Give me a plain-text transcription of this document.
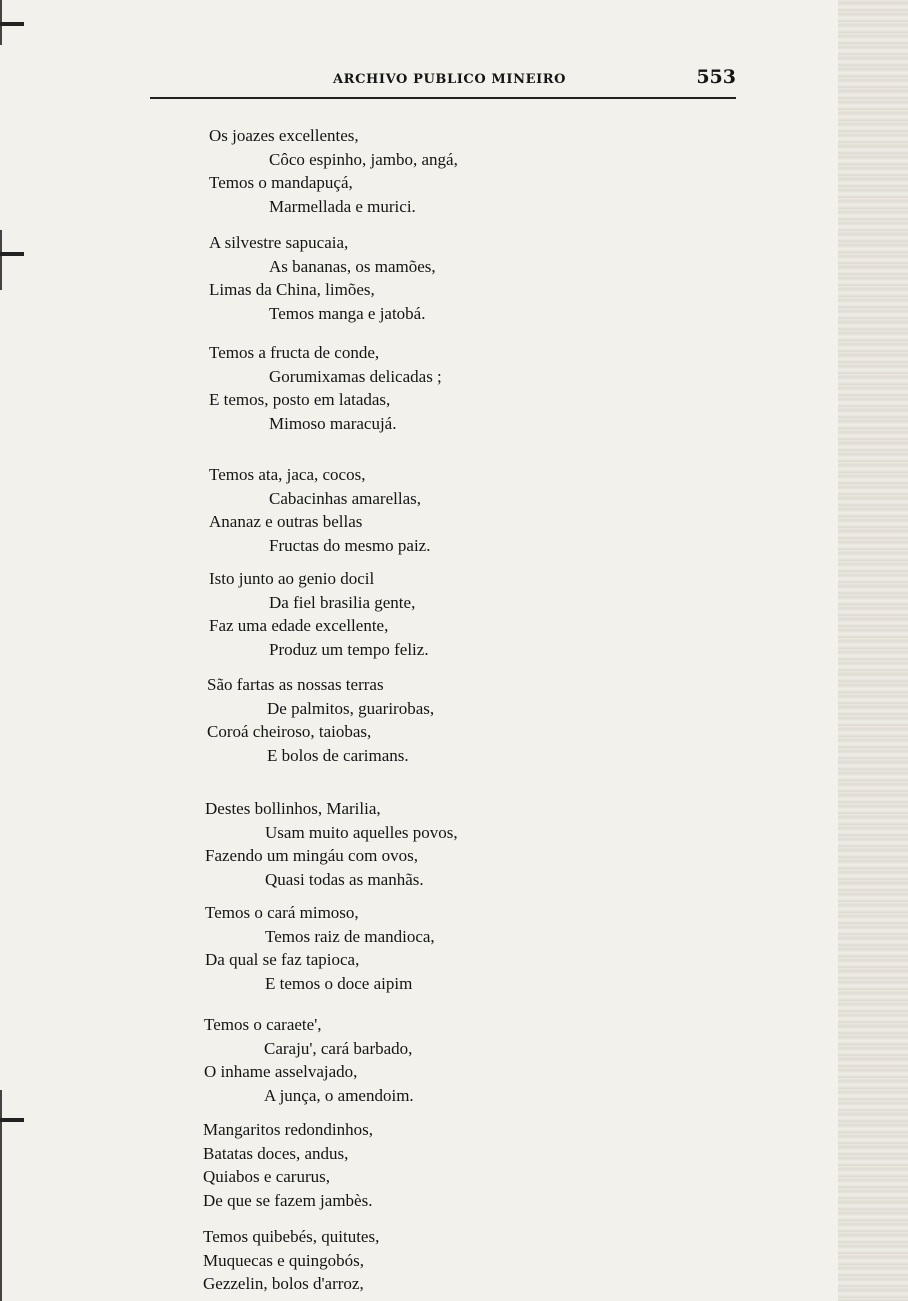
ARCHIVO PUBLICO MINEIRO	553
Os joazes excellentes,
Côco espinho, jambo, angá,
Temos o mandapuçá,
Marmellada e murici.
A silvestre sapucaia,
As bananas, os mamões,
Limas da China, limões,
Temos manga e jatobá.
Temos a fructa de conde,
Gorumixamas delicadas ;
E temos, posto em latadas,
Mimoso maracujá.
Temos ata, jaca, cocos,
Cabacinhas amarellas,
Ananaz e outras bellas
Fructas do mesmo paiz.
Isto junto ao genio docil
Da fiel brasilia gente,
Faz uma edade excellente,
Produz um tempo feliz.
São fartas as nossas terras
De palmitos, guarirobas,
Coroá cheiroso, taiobas,
E bolos de carimans.
Destes bollinhos, Marilia,
Usam muito aquelles povos,
Fazendo um mingáu com ovos,
Quasi todas as manhãs.
Temos o cará mimoso,
Temos raiz de mandioca,
Da qual se faz tapioca,
E temos o doce aipim
Temos o caraete',
Caraju', cará barbado,
O inhame asselvajado,
A junça, o amendoim.
Mangaritos redondinhos,
Batatas doces, andus,
Quiabos e carurus,
De que se fazem jambès.
Temos quibebés, quitutes,
Muquecas e quingobós,
Gezzelin, bolos d'arroz,
